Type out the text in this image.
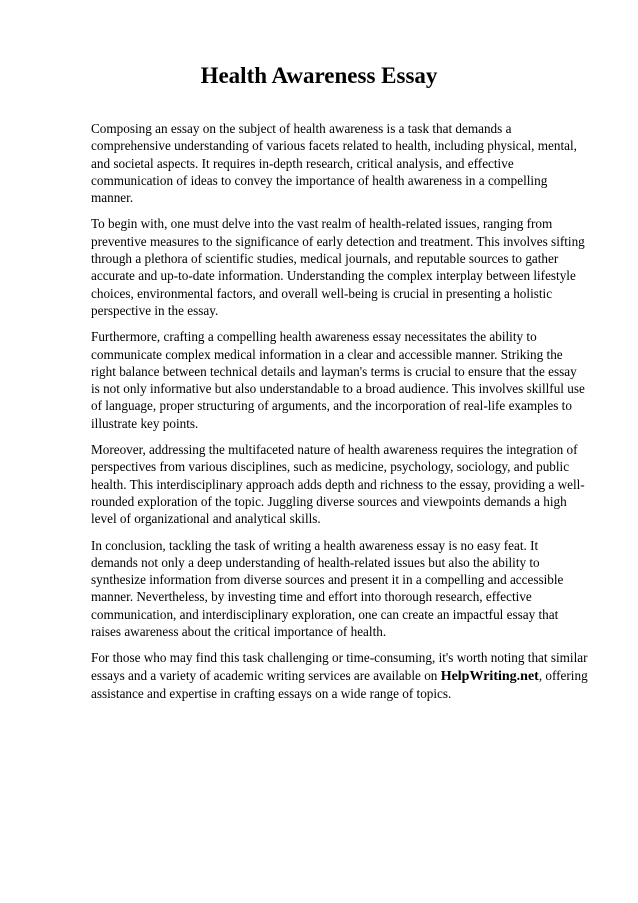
Health Awareness Essay

Composing an essay on the subject of health awareness is a task that demands a comprehensive understanding of various facets related to health, including physical, mental, and societal aspects. It requires in-depth research, critical analysis, and effective communication of ideas to convey the importance of health awareness in a compelling manner.

To begin with, one must delve into the vast realm of health-related issues, ranging from preventive measures to the significance of early detection and treatment. This involves sifting through a plethora of scientific studies, medical journals, and reputable sources to gather accurate and up-to-date information. Understanding the complex interplay between lifestyle choices, environmental factors, and overall well-being is crucial in presenting a holistic perspective in the essay.

Furthermore, crafting a compelling health awareness essay necessitates the ability to communicate complex medical information in a clear and accessible manner. Striking the right balance between technical details and layman's terms is crucial to ensure that the essay is not only informative but also understandable to a broad audience. This involves skillful use of language, proper structuring of arguments, and the incorporation of real-life examples to illustrate key points.

Moreover, addressing the multifaceted nature of health awareness requires the integration of perspectives from various disciplines, such as medicine, psychology, sociology, and public health. This interdisciplinary approach adds depth and richness to the essay, providing a well-rounded exploration of the topic. Juggling diverse sources and viewpoints demands a high level of organizational and analytical skills.

In conclusion, tackling the task of writing a health awareness essay is no easy feat. It demands not only a deep understanding of health-related issues but also the ability to synthesize information from diverse sources and present it in a compelling and accessible manner. Nevertheless, by investing time and effort into thorough research, effective communication, and interdisciplinary exploration, one can create an impactful essay that raises awareness about the critical importance of health.

For those who may find this task challenging or time-consuming, it's worth noting that similar essays and a variety of academic writing services are available on HelpWriting.net, offering assistance and expertise in crafting essays on a wide range of topics.
